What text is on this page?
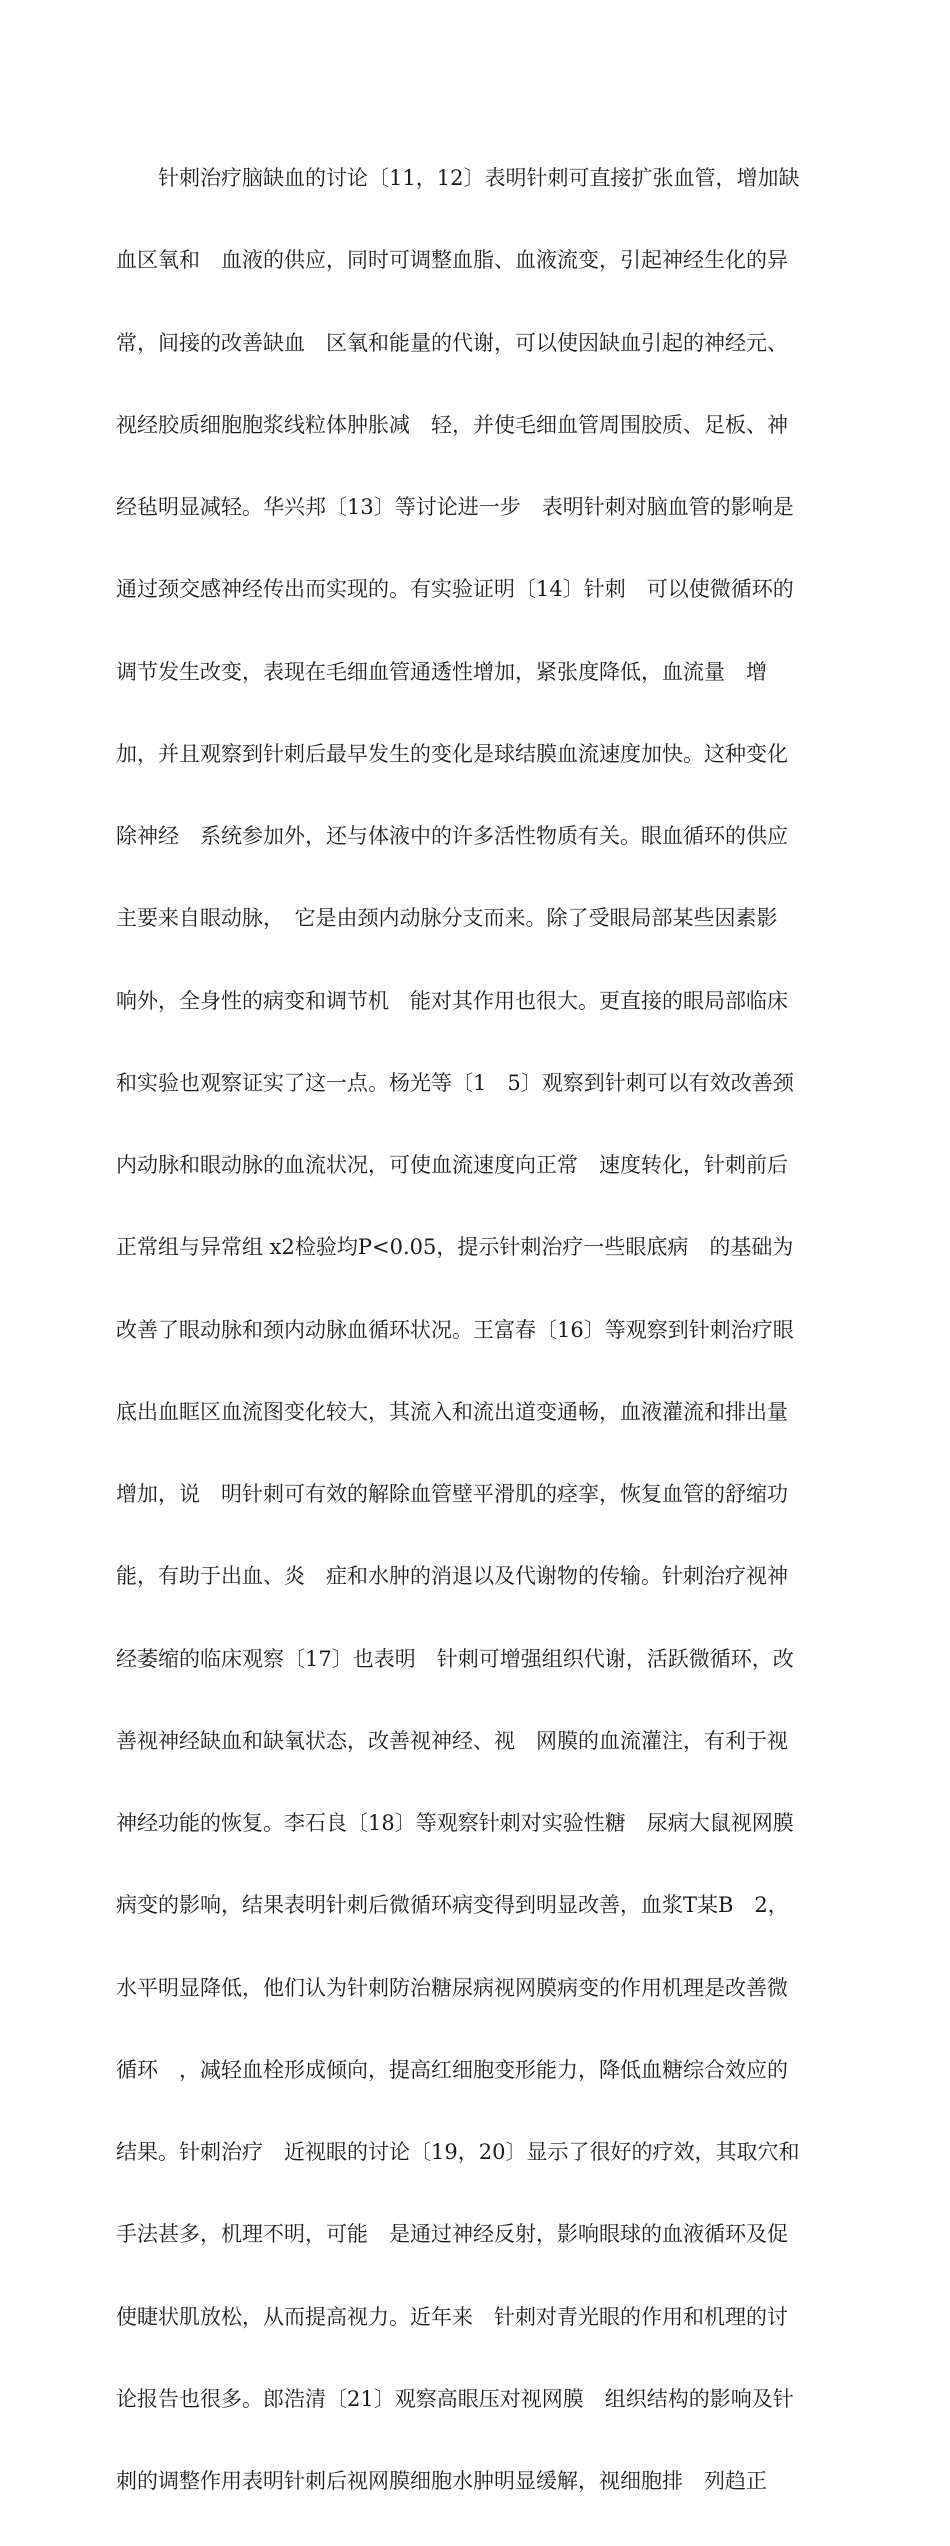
　　针刺治疗脑缺血的讨论〔11，12〕表明针刺可直接扩张血管，增加缺

血区氧和　血液的供应，同时可调整血脂、血液流变，引起神经生化的异

常，间接的改善缺血　区氧和能量的代谢，可以使因缺血引起的神经元、

视经胶质细胞胞浆线粒体肿胀减　轻，并使毛细血管周围胶质、足板、神

经毡明显减轻。华兴邦〔13〕等讨论进一步　表明针刺对脑血管的影响是

通过颈交感神经传出而实现的。有实验证明〔14〕针刺　可以使微循环的

调节发生改变，表现在毛细血管通透性增加，紧张度降低，血流量　增

加，并且观察到针刺后最早发生的变化是球结膜血流速度加快。这种变化

除神经　系统参加外，还与体液中的许多活性物质有关。眼血循环的供应

主要来自眼动脉，　它是由颈内动脉分支而来。除了受眼局部某些因素影

响外，全身性的病变和调节机　能对其作用也很大。更直接的眼局部临床

和实验也观察证实了这一点。杨光等〔1　5〕观察到针刺可以有效改善颈

内动脉和眼动脉的血流状况，可使血流速度向正常　速度转化，针刺前后

正常组与异常组 x2检验均P<0.05，提示针刺治疗一些眼底病　的基础为

改善了眼动脉和颈内动脉血循环状况。王富春〔16〕等观察到针刺治疗眼

底出血眶区血流图变化较大，其流入和流出道变通畅，血液灌流和排出量

增加，说　明针刺可有效的解除血管壁平滑肌的痉挛，恢复血管的舒缩功

能，有助于出血、炎　症和水肿的消退以及代谢物的传输。针刺治疗视神

经萎缩的临床观察〔17〕也表明　针刺可增强组织代谢，活跃微循环，改

善视神经缺血和缺氧状态，改善视神经、视　网膜的血流灌注，有利于视

神经功能的恢复。李石良〔18〕等观察针刺对实验性糖　尿病大鼠视网膜

病变的影响，结果表明针刺后微循环病变得到明显改善，血浆T某B　2，

水平明显降低，他们认为针刺防治糖尿病视网膜病变的作用机理是改善微

循环　，减轻血栓形成倾向，提高红细胞变形能力，降低血糖综合效应的

结果。针刺治疗　近视眼的讨论〔19，20〕显示了很好的疗效，其取穴和

手法甚多，机理不明，可能　是通过神经反射，影响眼球的血液循环及促

使睫状肌放松，从而提高视力。近年来　针刺对青光眼的作用和机理的讨

论报告也很多。郎浩清〔21〕观察高眼压对视网膜　组织结构的影响及针

刺的调整作用表明针刺后视网膜细胞水肿明显缓解，视细胞排　列趋正
